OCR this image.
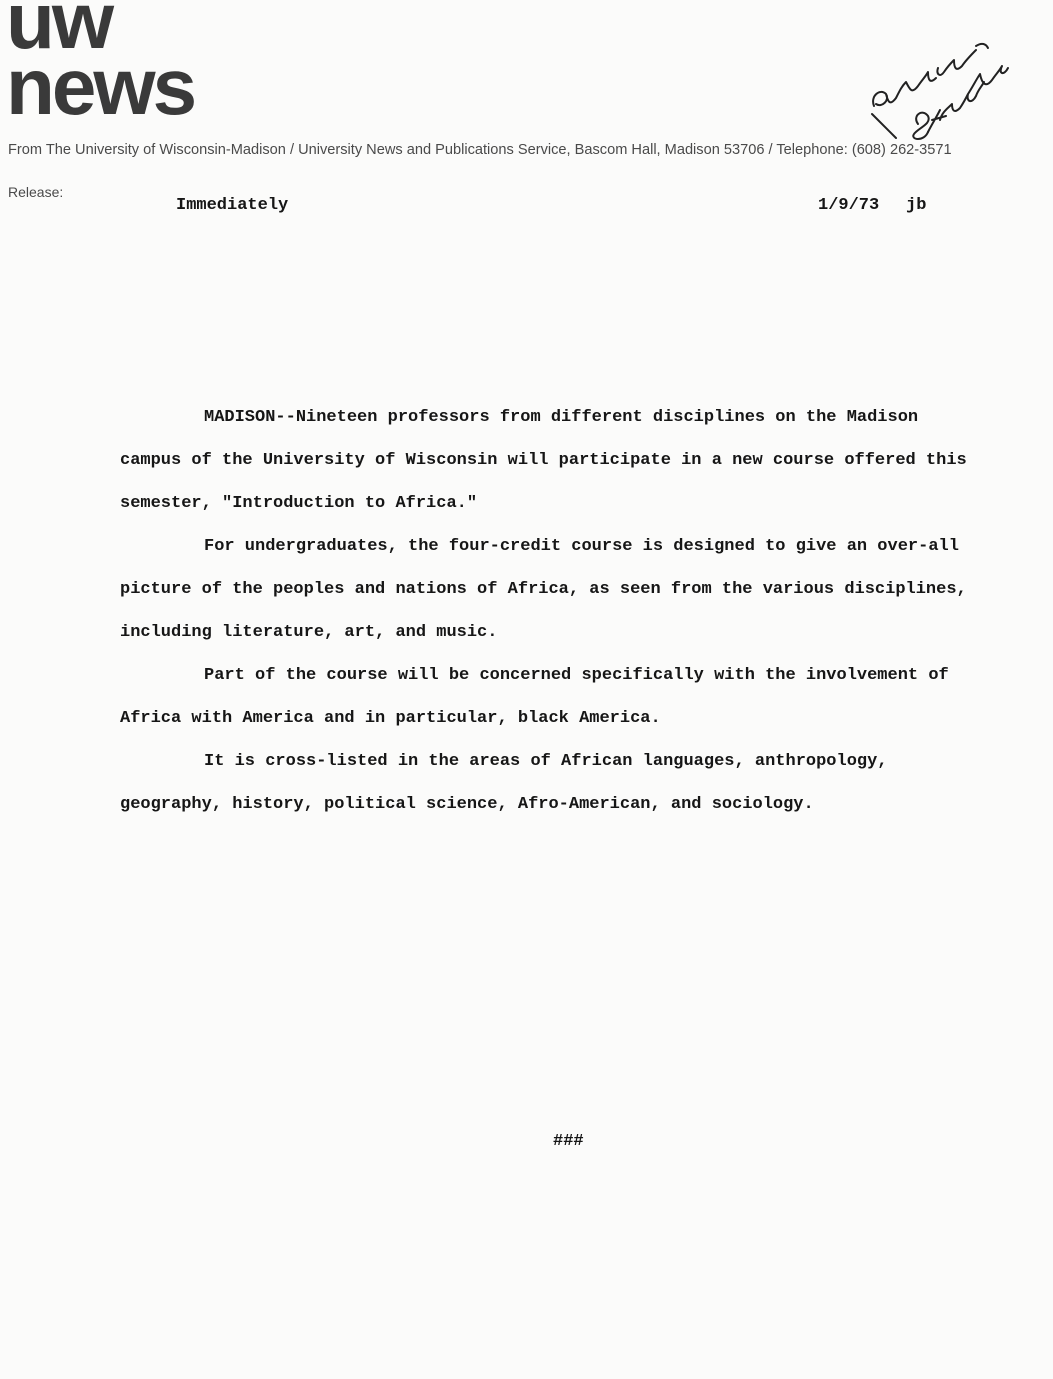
uw
news
From The University of Wisconsin-Madison / University News and Publications Service, Bascom Hall, Madison 53706 / Telephone: (608) 262-3571
Release:
Immediately	1/9/73 jb
MADISON--Nineteen professors from different disciplines on the Madison
campus of the University of Wisconsin will participate in a new course offered this
semester, "Introduction to Africa."
For undergraduates, the four-credit course is designed to give an over-all
picture of the peoples and nations of Africa, as seen from the various disciplines,
including literature, art, and music.
Part of the course will be concerned specifically with the involvement of
Africa with America and in particular, black America.
It is cross-listed in the areas of African languages, anthropology,
geography, history, political science, Afro-American, and sociology.
###
